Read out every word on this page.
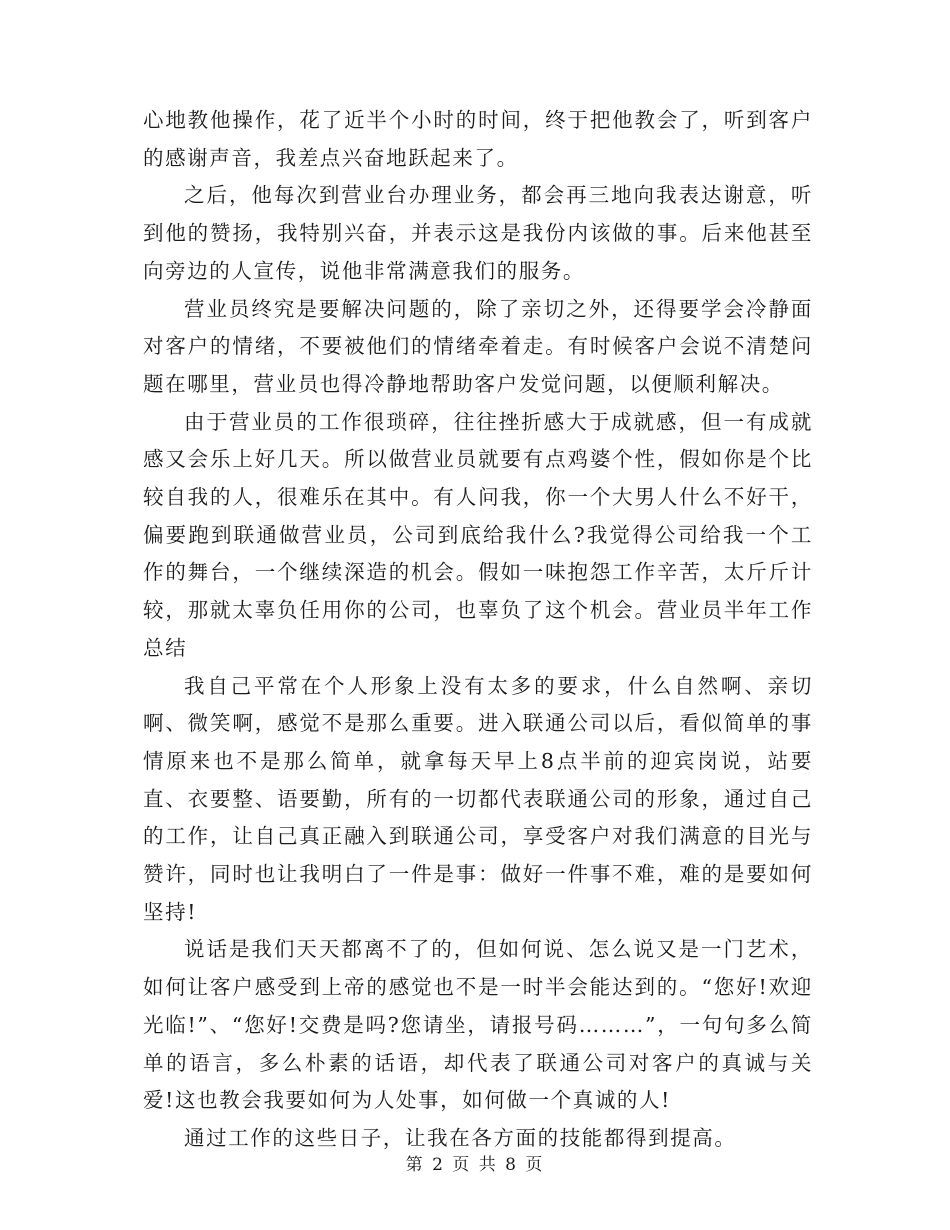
心地教他操作，花了近半个小时的时间，终于把他教会了，听到客户的感谢声音，我差点兴奋地跃起来了。

之后，他每次到营业台办理业务，都会再三地向我表达谢意，听到他的赞扬，我特别兴奋，并表示这是我份内该做的事。后来他甚至向旁边的人宣传，说他非常满意我们的服务。

营业员终究是要解决问题的，除了亲切之外，还得要学会冷静面对客户的情绪，不要被他们的情绪牵着走。有时候客户会说不清楚问题在哪里，营业员也得冷静地帮助客户发觉问题，以便顺利解决。

由于营业员的工作很琐碎，往往挫折感大于成就感，但一有成就感又会乐上好几天。所以做营业员就要有点鸡婆个性，假如你是个比较自我的人，很难乐在其中。有人问我，你一个大男人什么不好干，偏要跑到联通做营业员，公司到底给我什么?我觉得公司给我一个工作的舞台，一个继续深造的机会。假如一味抱怨工作辛苦，太斤斤计较，那就太辜负任用你的公司，也辜负了这个机会。营业员半年工作总结

我自己平常在个人形象上没有太多的要求，什么自然啊、亲切啊、微笑啊，感觉不是那么重要。进入联通公司以后，看似简单的事情原来也不是那么简单，就拿每天早上8点半前的迎宾岗说，站要直、衣要整、语要勤，所有的一切都代表联通公司的形象，通过自己的工作，让自己真正融入到联通公司，享受客户对我们满意的目光与赞许，同时也让我明白了一件是事：做好一件事不难，难的是要如何坚持!

说话是我们天天都离不了的，但如何说、怎么说又是一门艺术，如何让客户感受到上帝的感觉也不是一时半会能达到的。“您好!欢迎光临!”、“您好!交费是吗?您请坐，请报号码………”，一句句多么简单的语言，多么朴素的话语，却代表了联通公司对客户的真诚与关爱!这也教会我要如何为人处事，如何做一个真诚的人!

通过工作的这些日子，让我在各方面的技能都得到提高。

第 2 页 共 8 页
